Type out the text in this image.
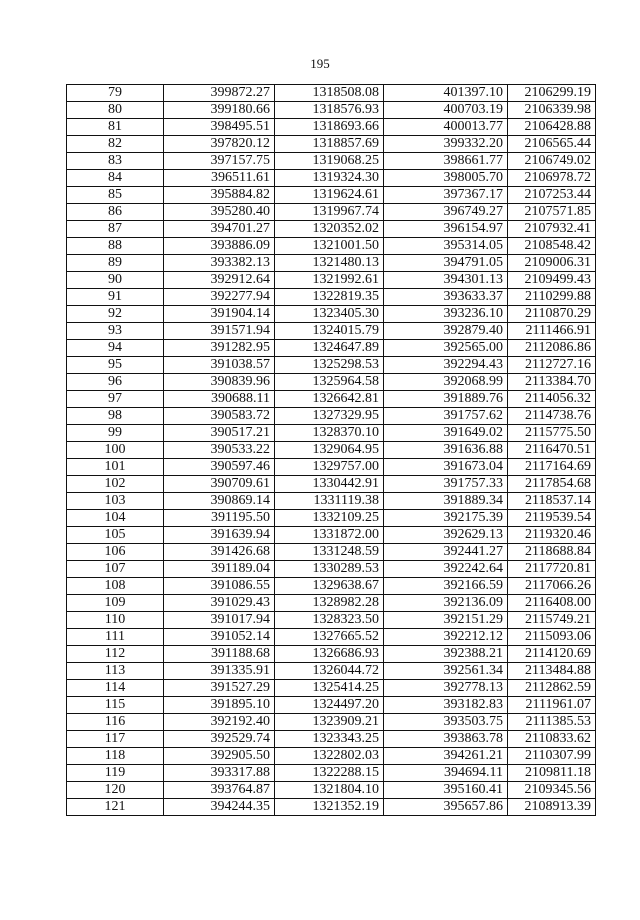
195
79	399872.27	1318508.08	401397.10	2106299.19
80	399180.66	1318576.93	400703.19	2106339.98
81	398495.51	1318693.66	400013.77	2106428.88
82	397820.12	1318857.69	399332.20	2106565.44
83	397157.75	1319068.25	398661.77	2106749.02
84	396511.61	1319324.30	398005.70	2106978.72
85	395884.82	1319624.61	397367.17	2107253.44
86	395280.40	1319967.74	396749.27	2107571.85
87	394701.27	1320352.02	396154.97	2107932.41
88	393886.09	1321001.50	395314.05	2108548.42
89	393382.13	1321480.13	394791.05	2109006.31
90	392912.64	1321992.61	394301.13	2109499.43
91	392277.94	1322819.35	393633.37	2110299.88
92	391904.14	1323405.30	393236.10	2110870.29
93	391571.94	1324015.79	392879.40	2111466.91
94	391282.95	1324647.89	392565.00	2112086.86
95	391038.57	1325298.53	392294.43	2112727.16
96	390839.96	1325964.58	392068.99	2113384.70
97	390688.11	1326642.81	391889.76	2114056.32
98	390583.72	1327329.95	391757.62	2114738.76
99	390517.21	1328370.10	391649.02	2115775.50
100	390533.22	1329064.95	391636.88	2116470.51
101	390597.46	1329757.00	391673.04	2117164.69
102	390709.61	1330442.91	391757.33	2117854.68
103	390869.14	1331119.38	391889.34	2118537.14
104	391195.50	1332109.25	392175.39	2119539.54
105	391639.94	1331872.00	392629.13	2119320.46
106	391426.68	1331248.59	392441.27	2118688.84
107	391189.04	1330289.53	392242.64	2117720.81
108	391086.55	1329638.67	392166.59	2117066.26
109	391029.43	1328982.28	392136.09	2116408.00
110	391017.94	1328323.50	392151.29	2115749.21
111	391052.14	1327665.52	392212.12	2115093.06
112	391188.68	1326686.93	392388.21	2114120.69
113	391335.91	1326044.72	392561.34	2113484.88
114	391527.29	1325414.25	392778.13	2112862.59
115	391895.10	1324497.20	393182.83	2111961.07
116	392192.40	1323909.21	393503.75	2111385.53
117	392529.74	1323343.25	393863.78	2110833.62
118	392905.50	1322802.03	394261.21	2110307.99
119	393317.88	1322288.15	394694.11	2109811.18
120	393764.87	1321804.10	395160.41	2109345.56
121	394244.35	1321352.19	395657.86	2108913.39
